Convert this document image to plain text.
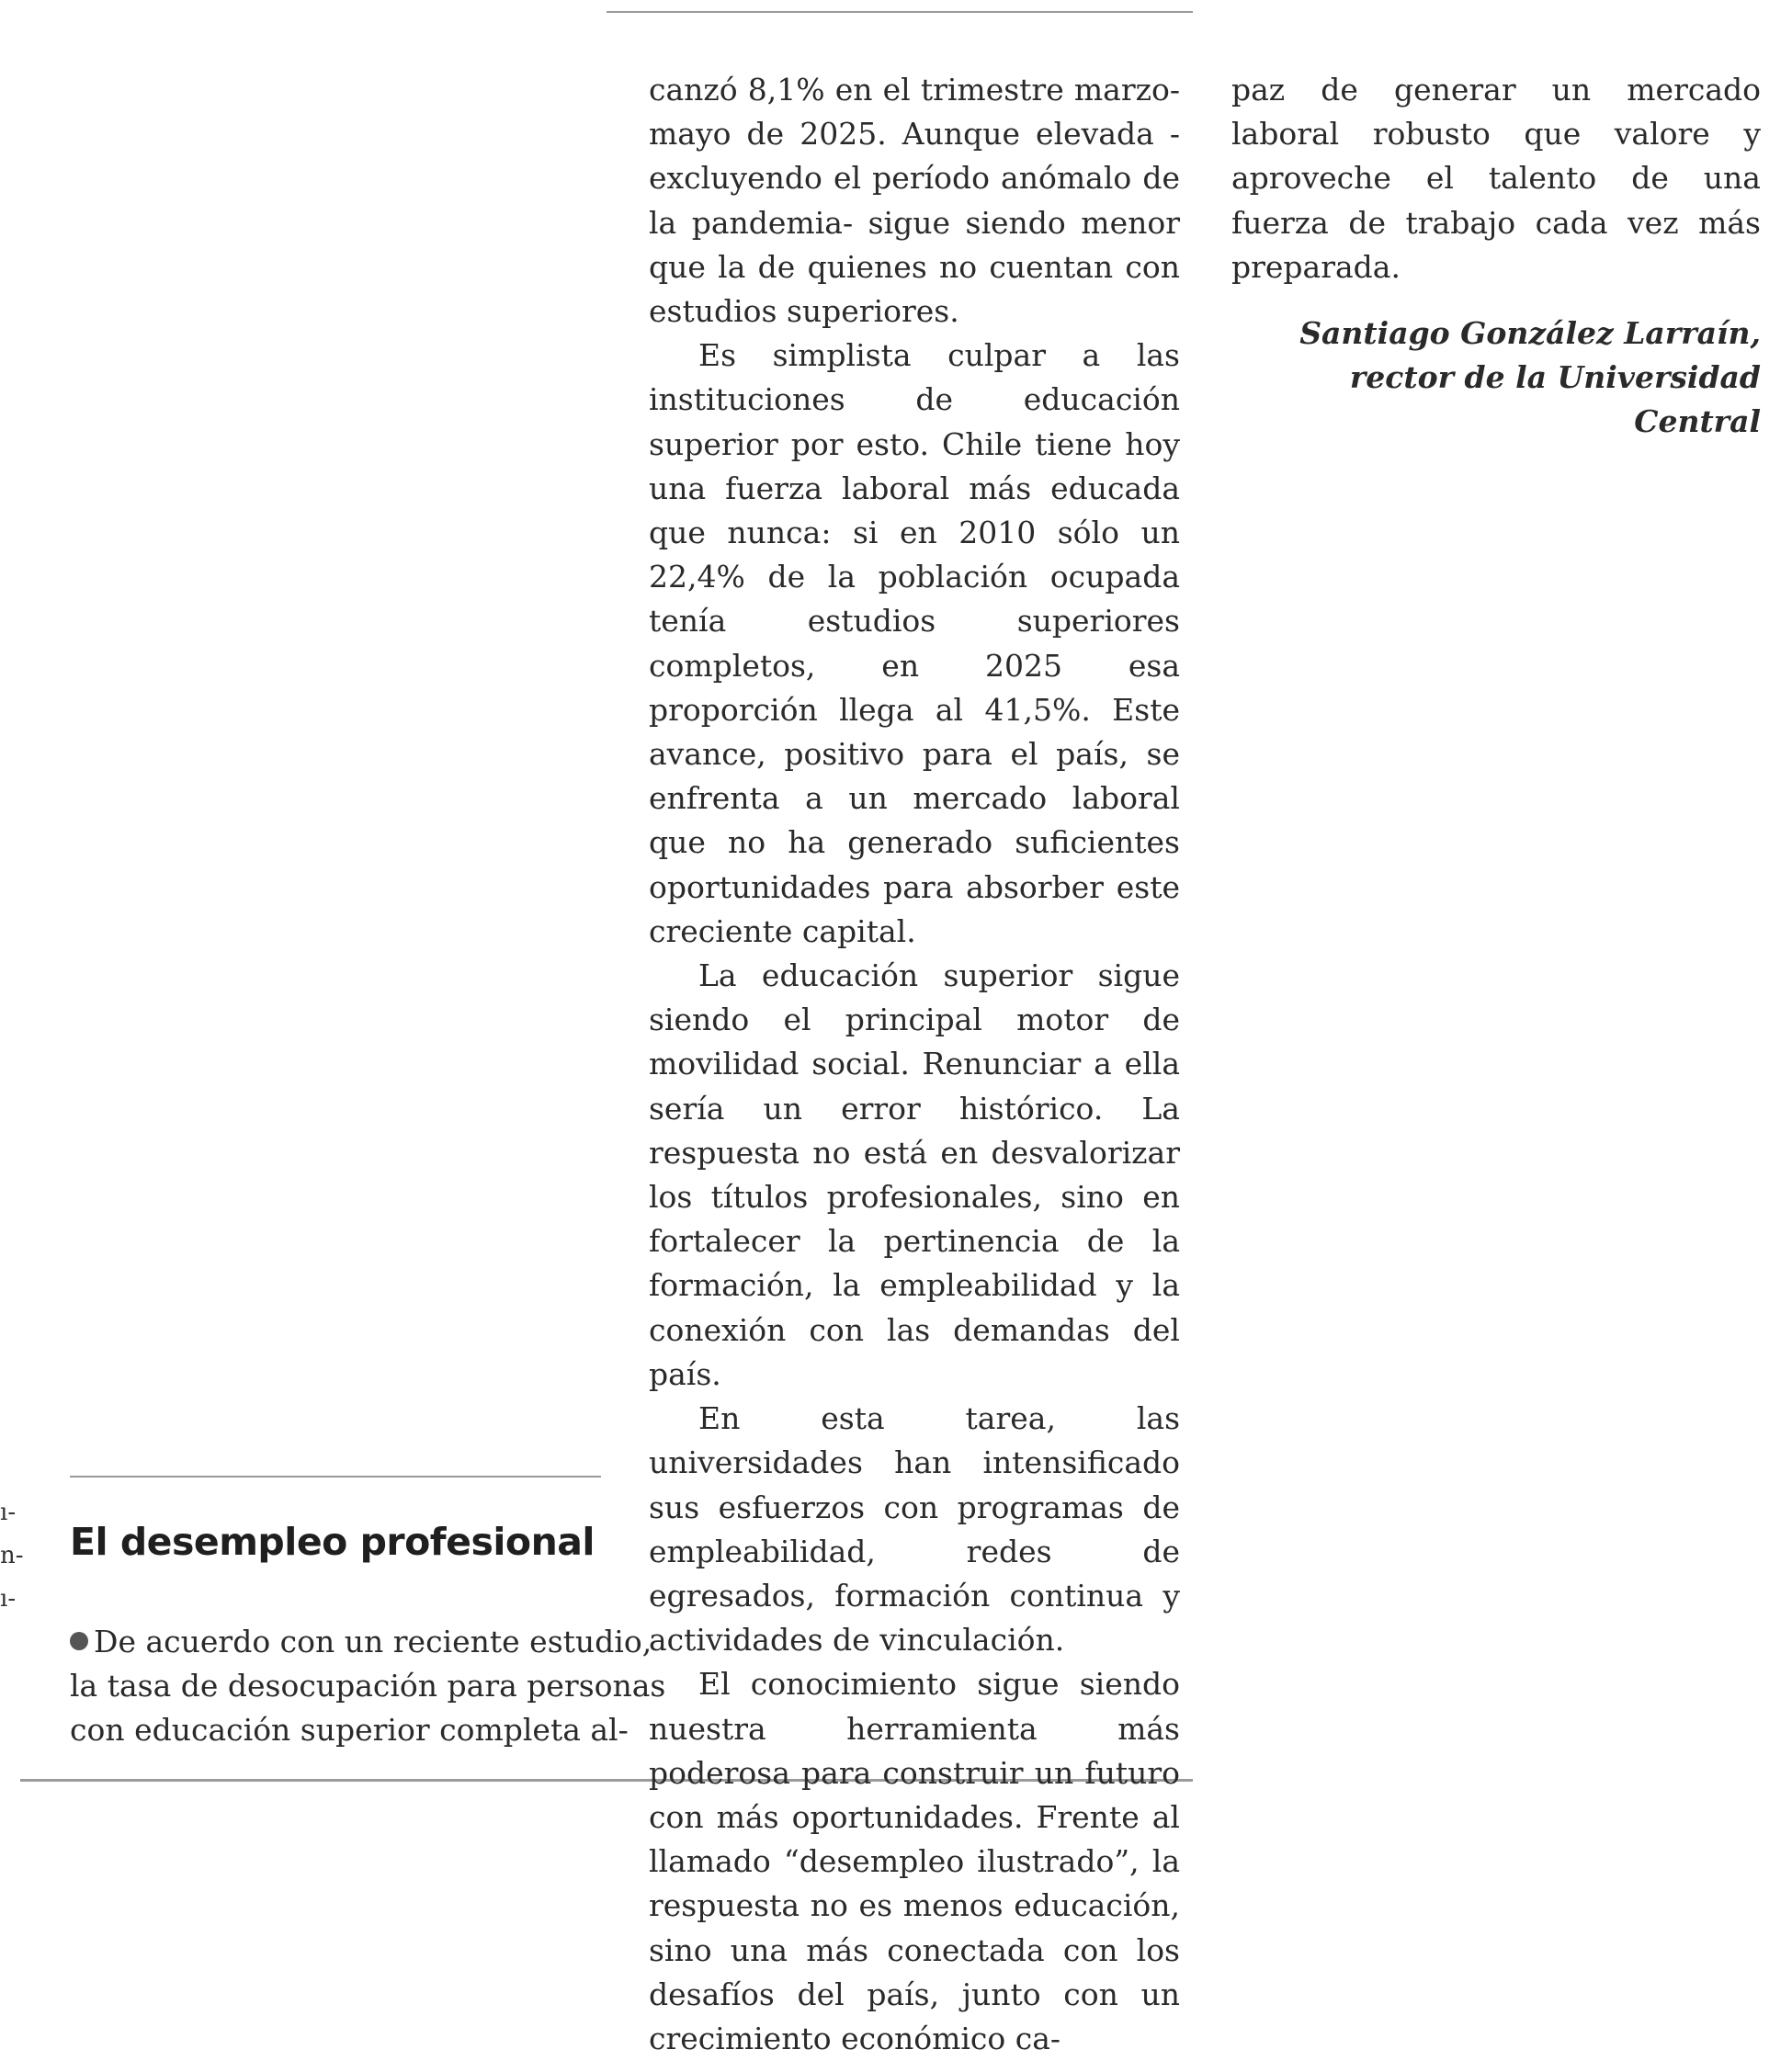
ı-
n-
ı-
El desempleo profesional
De acuerdo con un reciente estudio,
la tasa de desocupación para personas
con educación superior completa al-

canzó 8,1% en el trimestre marzo-mayo de 2025. Aunque elevada -excluyendo el período anómalo de la pandemia- sigue siendo menor que la de quienes no cuentan con estudios superiores.

Es simplista culpar a las instituciones de educación superior por esto. Chile tiene hoy una fuerza laboral más educada que nunca: si en 2010 sólo un 22,4% de la población ocupada tenía estudios superiores completos, en 2025 esa proporción llega al 41,5%. Este avance, positivo para el país, se enfrenta a un mercado laboral que no ha generado suficientes oportunidades para absorber este creciente capital.

La educación superior sigue siendo el principal motor de movilidad social. Renunciar a ella sería un error histórico. La respuesta no está en desvalorizar los títulos profesionales, sino en fortalecer la pertinencia de la formación, la empleabilidad y la conexión con las demandas del país.

En esta tarea, las universidades han intensificado sus esfuerzos con programas de empleabilidad, redes de egresados, formación continua y actividades de vinculación.

El conocimiento sigue siendo nuestra herramienta más poderosa para construir un futuro con más oportunidades. Frente al llamado “desempleo ilustrado”, la respuesta no es menos educación, sino una más conectada con los desafíos del país, junto con un crecimiento económico ca-

paz de generar un mercado laboral robusto que valore y aproveche el talento de una fuerza de trabajo cada vez más preparada.

Santiago González Larraín,
rector de la Universidad Central
